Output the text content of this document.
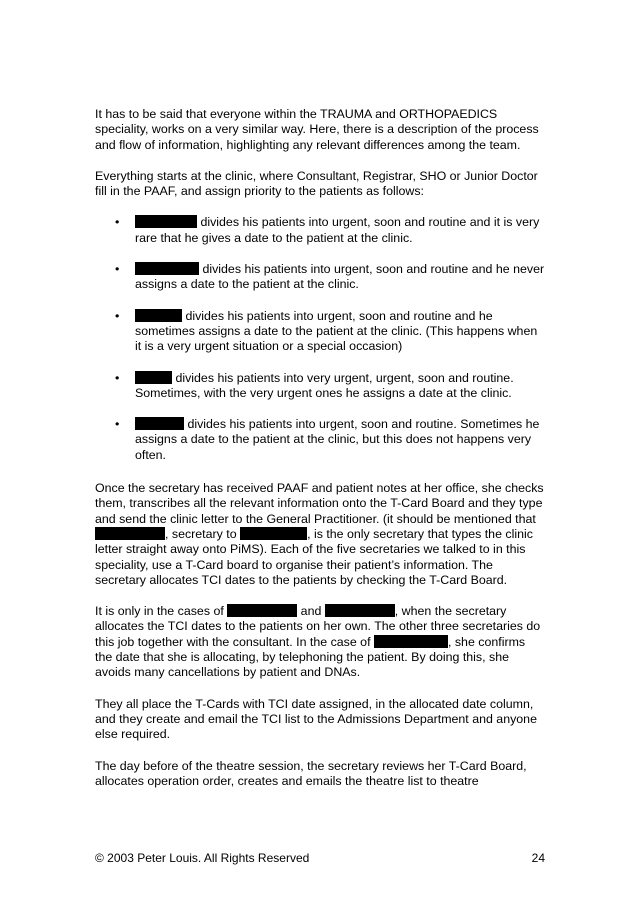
It has to be said that everyone within the TRAUMA and ORTHOPAEDICS speciality, works on a very similar way. Here, there is a description of the process and flow of information, highlighting any relevant differences among the team.

Everything starts at the clinic, where Consultant, Registrar, SHO or Junior Doctor fill in the PAAF, and assign priority to the patients as follows:

•	divides his patients into urgent, soon and routine and it is very rare that he gives a date to the patient at the clinic.
•	divides his patients into urgent, soon and routine and he never assigns a date to the patient at the clinic.
•	divides his patients into urgent, soon and routine and he sometimes assigns a date to the patient at the clinic. (This happens when it is a very urgent situation or a special occasion)
•	divides his patients into very urgent, urgent, soon and routine. Sometimes, with the very urgent ones he assigns a date at the clinic.
•	divides his patients into urgent, soon and routine. Sometimes he assigns a date to the patient at the clinic, but this does not happens very often.

Once the secretary has received PAAF and patient notes at her office, she checks them, transcribes all the relevant information onto the T-Card Board and they type and send the clinic letter to the General Practitioner. (it should be mentioned that , secretary to	, is the only secretary that types the clinic letter straight away onto PiMS). Each of the five secretaries we talked to in this speciality, use a T-Card board to organise their patient’s information. The secretary allocates TCI dates to the patients by checking the T-Card Board.

It is only in the cases of	and	, when the secretary allocates the TCI dates to the patients on her own. The other three secretaries do this job together with the consultant. In the case of	, she confirms the date that she is allocating, by telephoning the patient. By doing this, she avoids many cancellations by patient and DNAs.

They all place the T-Cards with TCI date assigned, in the allocated date column, and they create and email the TCI list to the Admissions Department and anyone else required.

The day before of the theatre session, the secretary reviews her T-Card Board, allocates operation order, creates and emails the theatre list to theatre

© 2003 Peter Louis. All Rights Reserved	24
